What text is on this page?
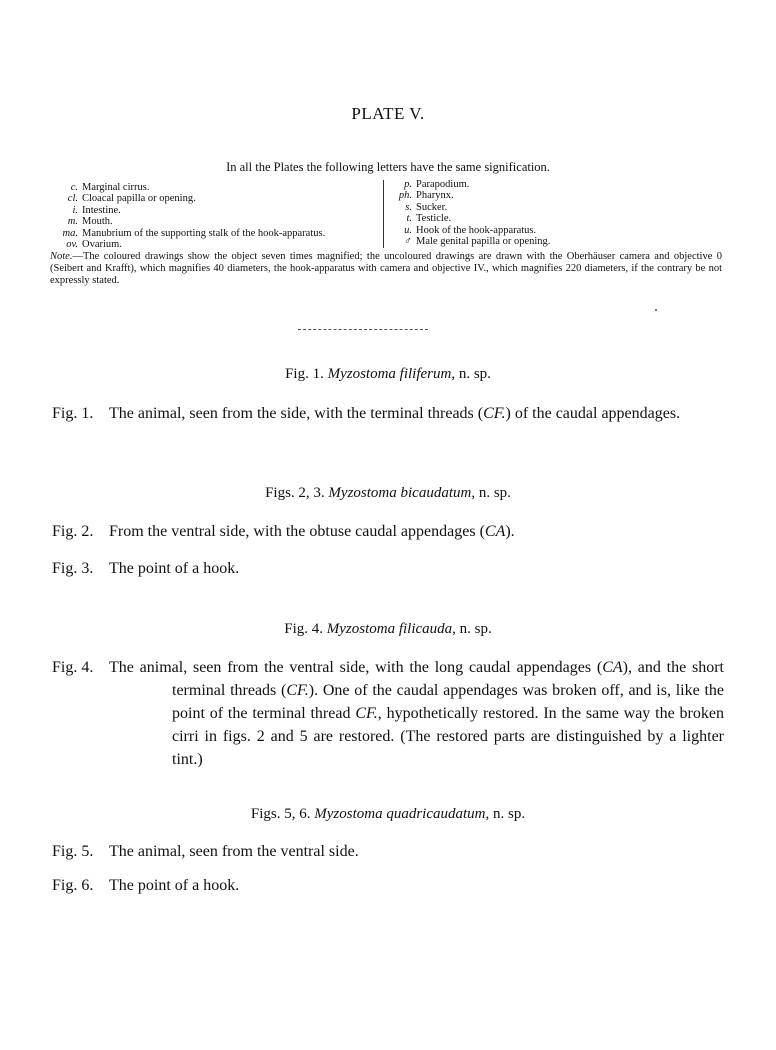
PLATE V.
In all the Plates the following letters have the same signification.
c. Marginal cirrus.
cl. Cloacal papilla or opening.
i. Intestine.
m. Mouth.
ma. Manubrium of the supporting stalk of the hook-apparatus.
ov. Ovarium.
p. Parapodium.
ph. Pharynx.
s. Sucker.
t. Testicle.
u. Hook of the hook-apparatus.
♂ Male genital papilla or opening.
Note.—The coloured drawings show the object seven times magnified; the uncoloured drawings are drawn with the Oberhäuser camera and objective 0 (Seibert and Krafft), which magnifies 40 diameters, the hook-apparatus with camera and objective IV., which magnifies 220 diameters, if the contrary be not expressly stated.
Fig. 1. Myzostoma filiferum, n. sp.
Fig. 1. The animal, seen from the side, with the terminal threads (CF.) of the caudal appendages.
Figs. 2, 3. Myzostoma bicaudatum, n. sp.
Fig. 2. From the ventral side, with the obtuse caudal appendages (CA).
Fig. 3. The point of a hook.
Fig. 4. Myzostoma filicauda, n. sp.
Fig. 4. The animal, seen from the ventral side, with the long caudal appendages (CA), and the short terminal threads (CF.). One of the caudal appendages was broken off, and is, like the point of the terminal thread CF., hypothetically restored. In the same way the broken cirri in figs. 2 and 5 are restored. (The restored parts are distinguished by a lighter tint.)
Figs. 5, 6. Myzostoma quadricaudatum, n. sp.
Fig. 5. The animal, seen from the ventral side.
Fig. 6. The point of a hook.
